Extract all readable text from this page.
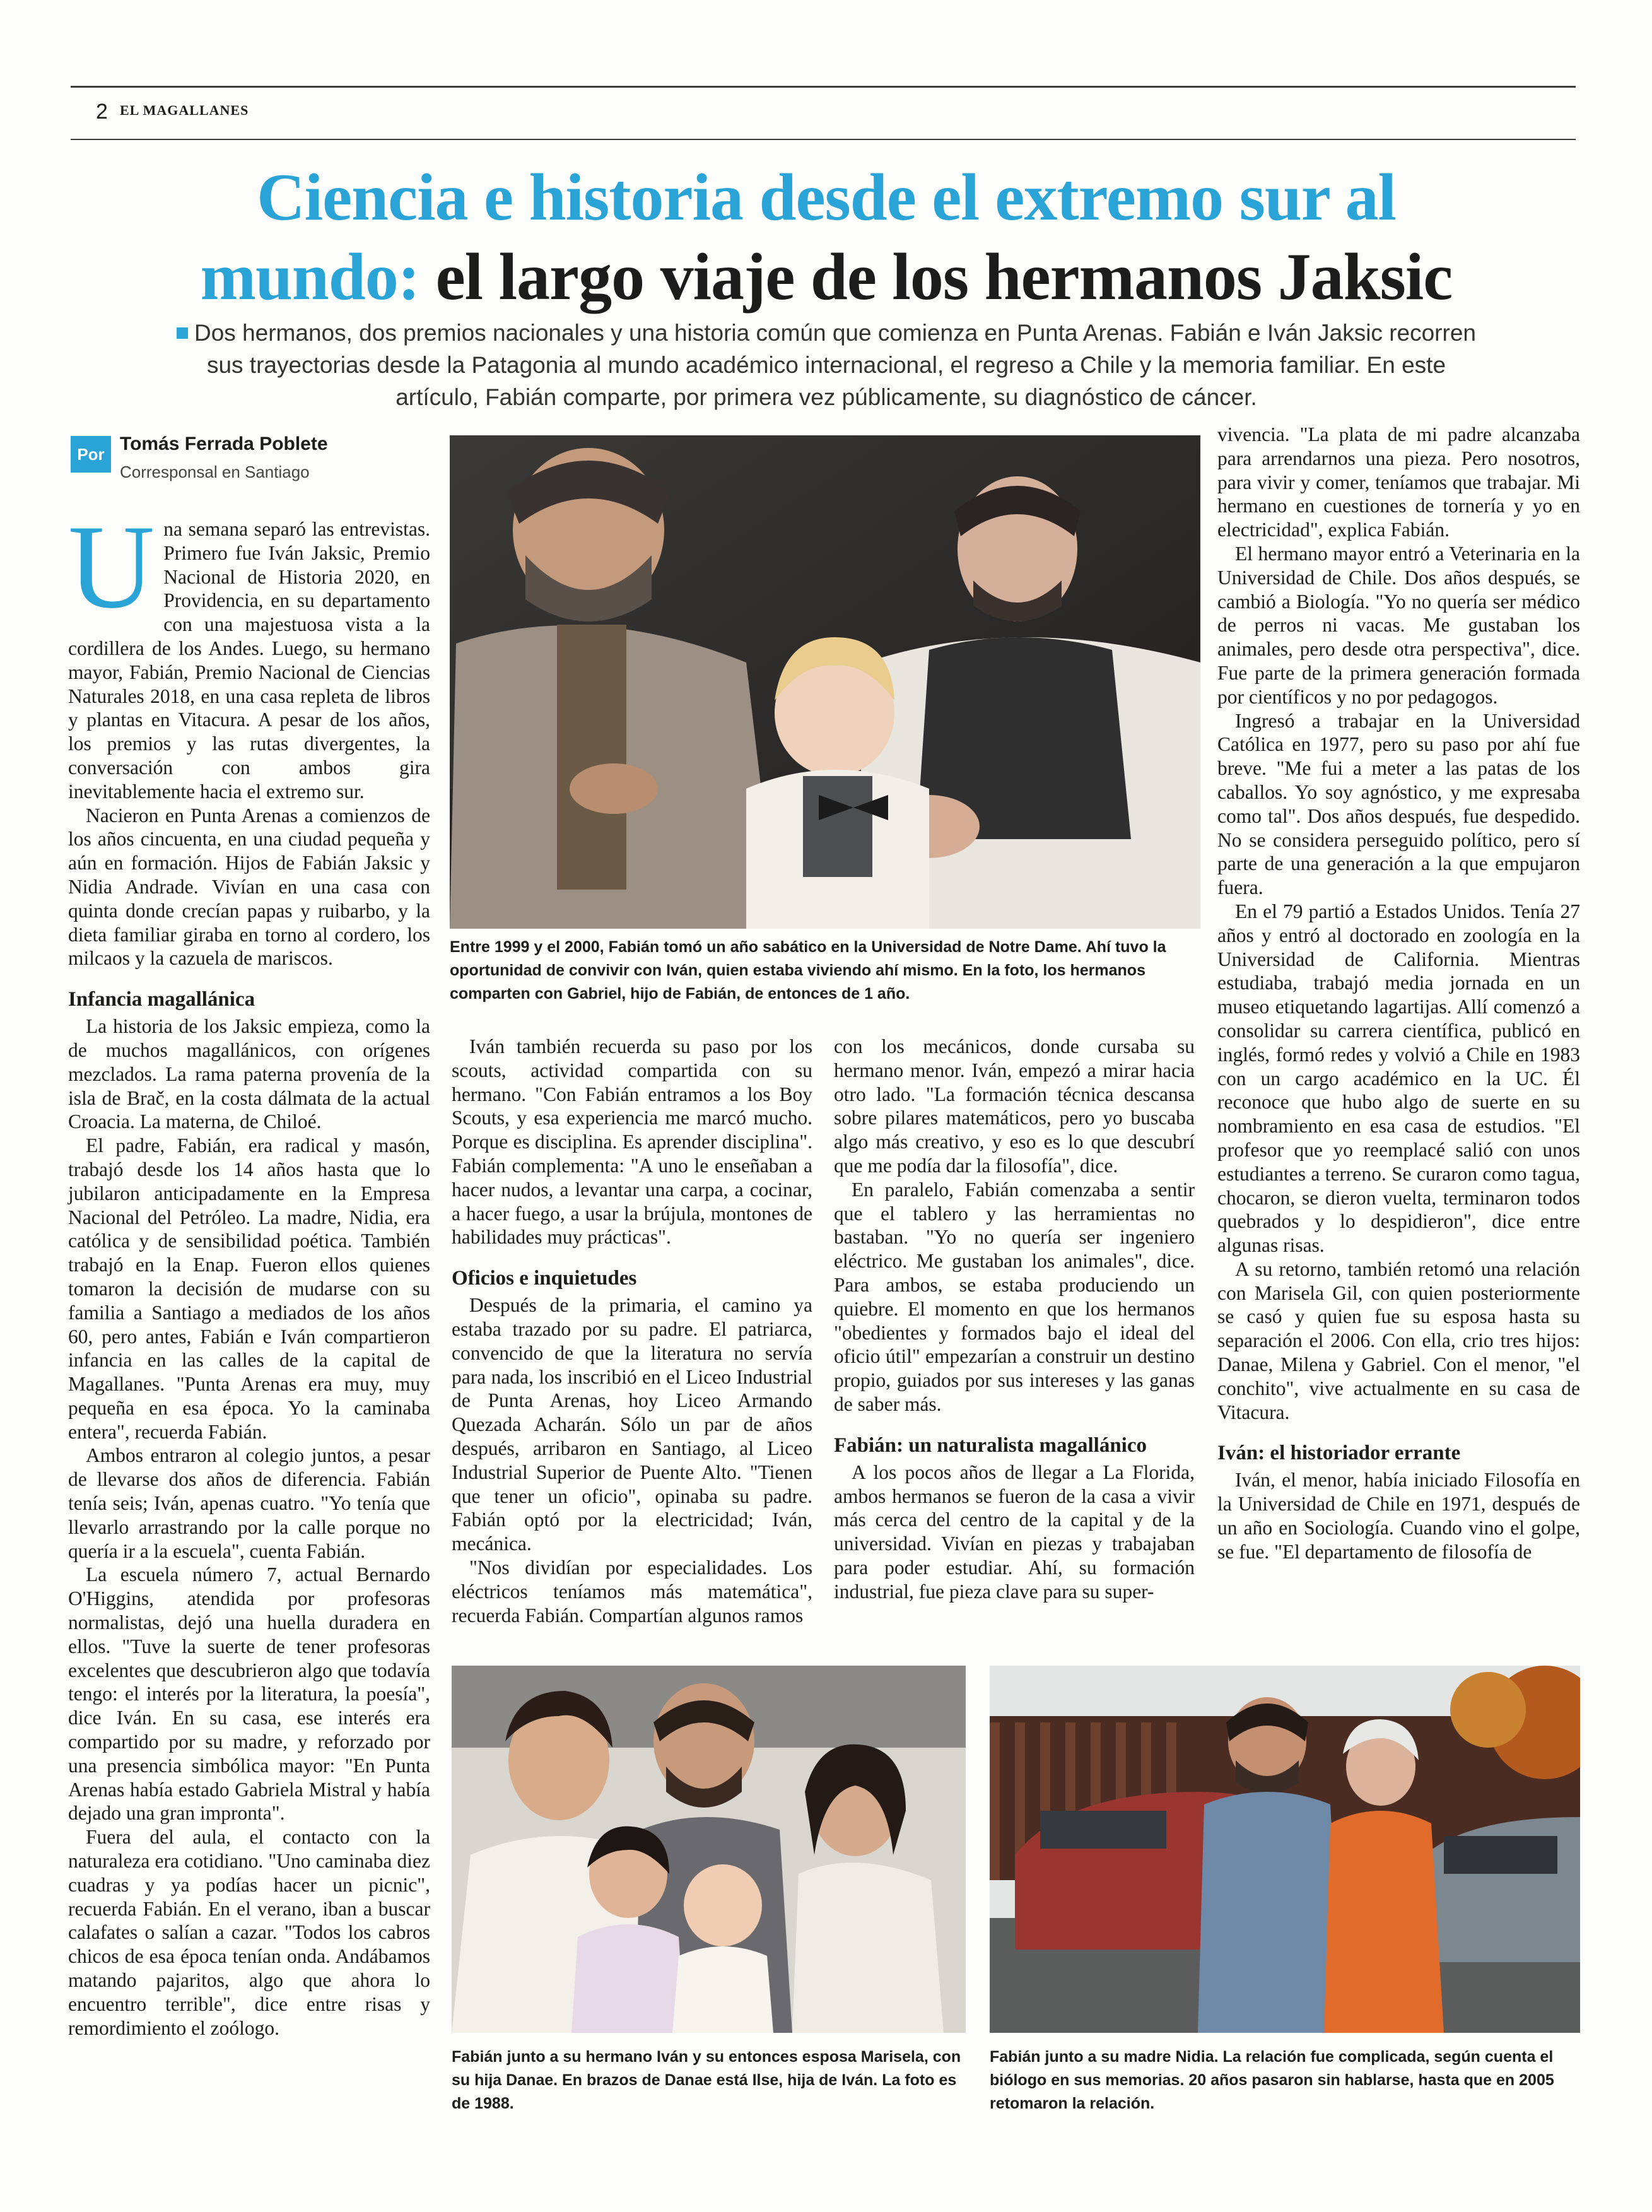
2 EL MAGALLANES
Ciencia e historia desde el extremo sur al
mundo: el largo viaje de los hermanos Jaksic
Dos hermanos, dos premios nacionales y una historia común que comienza en Punta Arenas. Fabián e Iván Jaksic recorren sus trayectorias desde la Patagonia al mundo académico internacional, el regreso a Chile y la memoria familiar. En este artículo, Fabián comparte, por primera vez públicamente, su diagnóstico de cáncer.
Por Tomás Ferrada Poblete
Corresponsal en Santiago

Una semana separó las entrevistas. Primero fue Iván Jaksic, Premio Nacional de Historia 2020, en Providencia, en su departamento con una majestuosa vista a la cordillera de los Andes. Luego, su hermano mayor, Fabián, Premio Nacional de Ciencias Naturales 2018, en una casa repleta de libros y plantas en Vitacura. A pesar de los años, los premios y las rutas divergentes, la conversación con ambos gira inevitablemente hacia el extremo sur.

Nacieron en Punta Arenas a comienzos de los años cincuenta, en una ciudad pequeña y aún en formación. Hijos de Fabián Jaksic y Nidia Andrade. Vivían en una casa con quinta donde crecían papas y ruibarbo, y la dieta familiar giraba en torno al cordero, los milcaos y la cazuela de mariscos.

Infancia magallánica

La historia de los Jaksic empieza, como la de muchos magallánicos, con orígenes mezclados. La rama paterna provenía de la isla de Brač, en la costa dálmata de la actual Croacia. La materna, de Chiloé.

El padre, Fabián, era radical y masón, trabajó desde los 14 años hasta que lo jubilaron anticipadamente en la Empresa Nacional del Petróleo. La madre, Nidia, era católica y de sensibilidad poética. También trabajó en la Enap. Fueron ellos quienes tomaron la decisión de mudarse con su familia a Santiago a mediados de los años 60, pero antes, Fabián e Iván compartieron infancia en las calles de la capital de Magallanes. "Punta Arenas era muy, muy pequeña en esa época. Yo la caminaba entera", recuerda Fabián.

Ambos entraron al colegio juntos, a pesar de llevarse dos años de diferencia. Fabián tenía seis; Iván, apenas cuatro. "Yo tenía que llevarlo arrastrando por la calle porque no quería ir a la escuela", cuenta Fabián.

La escuela número 7, actual Bernardo O'Higgins, atendida por profesoras normalistas, dejó una huella duradera en ellos. "Tuve la suerte de tener profesoras excelentes que descubrieron algo que todavía tengo: el interés por la literatura, la poesía", dice Iván. En su casa, ese interés era compartido por su madre, y reforzado por una presencia simbólica mayor: "En Punta Arenas había estado Gabriela Mistral y había dejado una gran impronta".

Fuera del aula, el contacto con la naturaleza era cotidiano. "Uno caminaba diez cuadras y ya podías hacer un picnic", recuerda Fabián. En el verano, iban a buscar calafates o salían a cazar. "Todos los cabros chicos de esa época tenían onda. Andábamos matando pajaritos, algo que ahora lo encuentro terrible", dice entre risas y remordimiento el zoólogo.

Entre 1999 y el 2000, Fabián tomó un año sabático en la Universidad de Notre Dame. Ahí tuvo la oportunidad de convivir con Iván, quien estaba viviendo ahí mismo. En la foto, los hermanos comparten con Gabriel, hijo de Fabián, de entonces de 1 año.

Iván también recuerda su paso por los scouts, actividad compartida con su hermano. "Con Fabián entramos a los Boy Scouts, y esa experiencia me marcó mucho. Porque es disciplina. Es aprender disciplina". Fabián complementa: "A uno le enseñaban a hacer nudos, a levantar una carpa, a cocinar, a hacer fuego, a usar la brújula, montones de habilidades muy prácticas".

Oficios e inquietudes

Después de la primaria, el camino ya estaba trazado por su padre. El patriarca, convencido de que la literatura no servía para nada, los inscribió en el Liceo Industrial de Punta Arenas, hoy Liceo Armando Quezada Acharán. Sólo un par de años después, arribaron en Santiago, al Liceo Industrial Superior de Puente Alto. "Tienen que tener un oficio", opinaba su padre. Fabián optó por la electricidad; Iván, mecánica.

"Nos dividían por especialidades. Los eléctricos teníamos más matemática", recuerda Fabián. Compartían algunos ramos

con los mecánicos, donde cursaba su hermano menor. Iván, empezó a mirar hacia otro lado. "La formación técnica descansa sobre pilares matemáticos, pero yo buscaba algo más creativo, y eso es lo que descubrí que me podía dar la filosofía", dice.

En paralelo, Fabián comenzaba a sentir que el tablero y las herramientas no bastaban. "Yo no quería ser ingeniero eléctrico. Me gustaban los animales", dice. Para ambos, se estaba produciendo un quiebre. El momento en que los hermanos "obedientes y formados bajo el ideal del oficio útil" empezarían a construir un destino propio, guiados por sus intereses y las ganas de saber más.

Fabián: un naturalista magallánico

A los pocos años de llegar a La Florida, ambos hermanos se fueron de la casa a vivir más cerca del centro de la capital y de la universidad. Vivían en piezas y trabajaban para poder estudiar. Ahí, su formación industrial, fue pieza clave para su super-

vivencia. "La plata de mi padre alcanzaba para arrendarnos una pieza. Pero nosotros, para vivir y comer, teníamos que trabajar. Mi hermano en cuestiones de tornería y yo en electricidad", explica Fabián.

El hermano mayor entró a Veterinaria en la Universidad de Chile. Dos años después, se cambió a Biología. "Yo no quería ser médico de perros ni vacas. Me gustaban los animales, pero desde otra perspectiva", dice. Fue parte de la primera generación formada por científicos y no por pedagogos.

Ingresó a trabajar en la Universidad Católica en 1977, pero su paso por ahí fue breve. "Me fui a meter a las patas de los caballos. Yo soy agnóstico, y me expresaba como tal". Dos años después, fue despedido. No se considera perseguido político, pero sí parte de una generación a la que empujaron fuera.

En el 79 partió a Estados Unidos. Tenía 27 años y entró al doctorado en zoología en la Universidad de California. Mientras estudiaba, trabajó media jornada en un museo etiquetando lagartijas. Allí comenzó a consolidar su carrera científica, publicó en inglés, formó redes y volvió a Chile en 1983 con un cargo académico en la UC. Él reconoce que hubo algo de suerte en su nombramiento en esa casa de estudios. "El profesor que yo reemplacé salió con unos estudiantes a terreno. Se curaron como tagua, chocaron, se dieron vuelta, terminaron todos quebrados y lo despidieron", dice entre algunas risas.

A su retorno, también retomó una relación con Marisela Gil, con quien posteriormente se casó y quien fue su esposa hasta su separación el 2006. Con ella, crio tres hijos: Danae, Milena y Gabriel. Con el menor, "el conchito", vive actualmente en su casa de Vitacura.

Iván: el historiador errante

Iván, el menor, había iniciado Filosofía en la Universidad de Chile en 1971, después de un año en Sociología. Cuando vino el golpe, se fue. "El departamento de filosofía de

Fabián junto a su hermano Iván y su entonces esposa Marisela, con su hija Danae. En brazos de Danae está Ilse, hija de Iván. La foto es de 1988.
Fabián junto a su madre Nidia. La relación fue complicada, según cuenta el biólogo en sus memorias. 20 años pasaron sin hablarse, hasta que en 2005 retomaron la relación.
